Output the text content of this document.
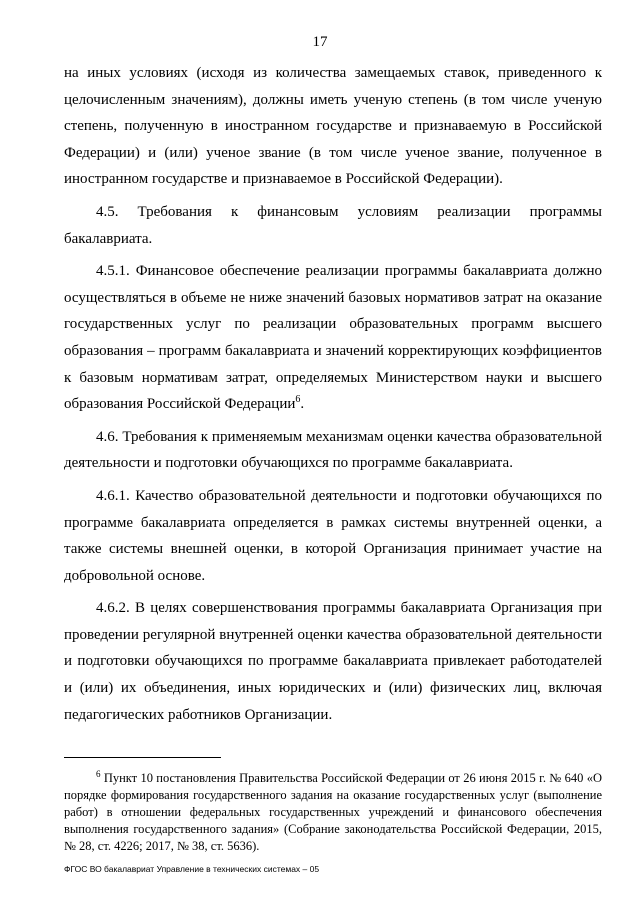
17

на иных условиях (исходя из количества замещаемых ставок, приведенного к целочисленным значениям), должны иметь ученую степень (в том числе ученую степень, полученную в иностранном государстве и признаваемую в Российской Федерации) и (или) ученое звание (в том числе ученое звание, полученное в иностранном государстве и признаваемое в Российской Федерации).

4.5. Требования к финансовым условиям реализации программы бакалавриата.

4.5.1. Финансовое обеспечение реализации программы бакалавриата должно осуществляться в объеме не ниже значений базовых нормативов затрат на оказание государственных услуг по реализации образовательных программ высшего образования – программ бакалавриата и значений корректирующих коэффициентов к базовым нормативам затрат, определяемых Министерством науки и высшего образования Российской Федерации$^6$.

4.6. Требования к применяемым механизмам оценки качества образовательной деятельности и подготовки обучающихся по программе бакалавриата.

4.6.1. Качество образовательной деятельности и подготовки обучающихся по программе бакалавриата определяется в рамках системы внутренней оценки, а также системы внешней оценки, в которой Организация принимает участие на добровольной основе.

4.6.2. В целях совершенствования программы бакалавриата Организация при проведении регулярной внутренней оценки качества образовательной деятельности и подготовки обучающихся по программе бакалавриата привлекает работодателей и (или) их объединения, иных юридических и (или) физических лиц, включая педагогических работников Организации.

$^6$ Пункт 10 постановления Правительства Российской Федерации от 26 июня 2015 г. № 640 «О порядке формирования государственного задания на оказание государственных услуг (выполнение работ) в отношении федеральных государственных учреждений и финансового обеспечения выполнения государственного задания» (Собрание законодательства Российской Федерации, 2015, № 28, ст. 4226; 2017, № 38, ст. 5636).

ФГОС ВО бакалавриат Управление в технических системах – 05
